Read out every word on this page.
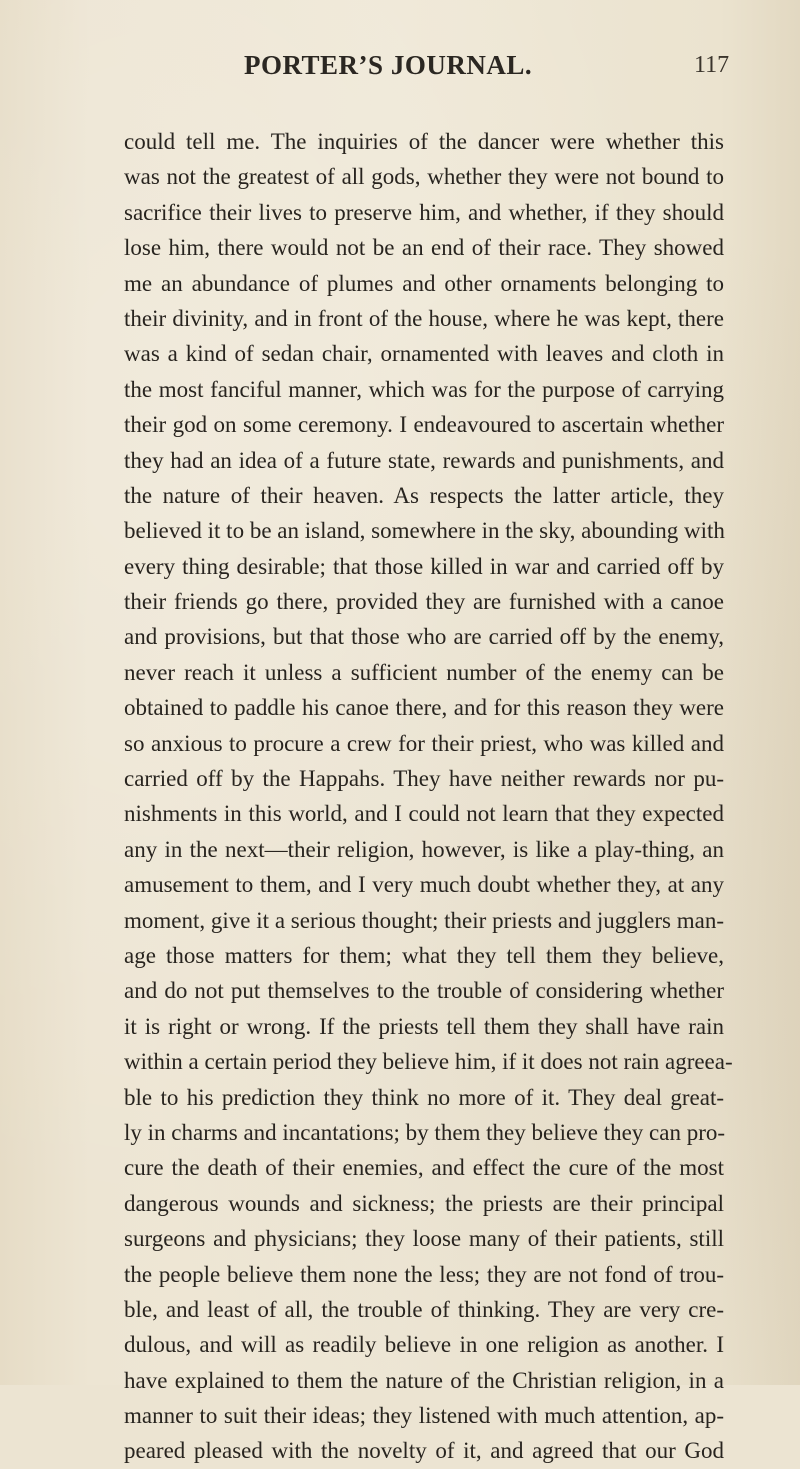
PORTER’S JOURNAL.	117
could tell me. The inquiries of the dancer were whether this
was not the greatest of all gods, whether they were not bound to
sacrifice their lives to preserve him, and whether, if they should
lose him, there would not be an end of their race. They showed
me an abundance of plumes and other ornaments belonging to
their divinity, and in front of the house, where he was kept, there
was a kind of sedan chair, ornamented with leaves and cloth in
the most fanciful manner, which was for the purpose of carrying
their god on some ceremony. I endeavoured to ascertain whether
they had an idea of a future state, rewards and punishments, and
the nature of their heaven. As respects the latter article, they
believed it to be an island, somewhere in the sky, abounding with
every thing desirable; that those killed in war and carried off by
their friends go there, provided they are furnished with a canoe
and provisions, but that those who are carried off by the enemy,
never reach it unless a sufficient number of the enemy can be
obtained to paddle his canoe there, and for this reason they were
so anxious to procure a crew for their priest, who was killed and
carried off by the Happahs. They have neither rewards nor pu-
nishments in this world, and I could not learn that they expected
any in the next—their religion, however, is like a play-thing, an
amusement to them, and I very much doubt whether they, at any
moment, give it a serious thought; their priests and jugglers man-
age those matters for them; what they tell them they believe,
and do not put themselves to the trouble of considering whether
it is right or wrong. If the priests tell them they shall have rain
within a certain period they believe him, if it does not rain agreea-
ble to his prediction they think no more of it. They deal great-
ly in charms and incantations; by them they believe they can pro-
cure the death of their enemies, and effect the cure of the most
dangerous wounds and sickness; the priests are their principal
surgeons and physicians; they loose many of their patients, still
the people believe them none the less; they are not fond of trou-
ble, and least of all, the trouble of thinking. They are very cre-
dulous, and will as readily believe in one religion as another. I
have explained to them the nature of the Christian religion, in a
manner to suit their ideas; they listened with much attention, ap-
peared pleased with the novelty of it, and agreed that our God
